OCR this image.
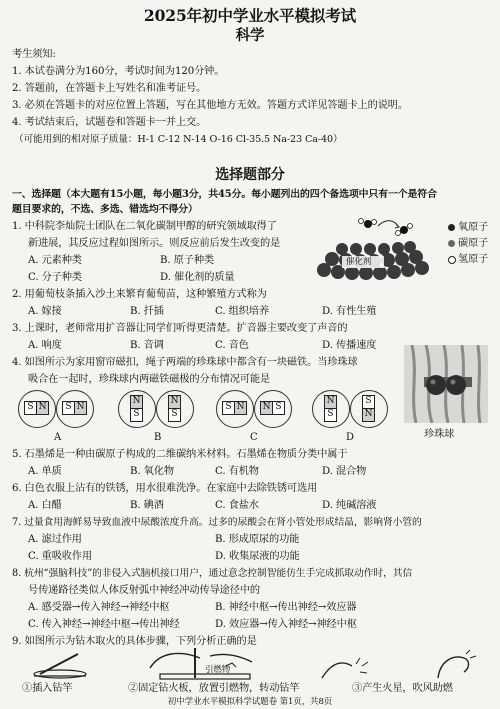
2025年初中学业水平模拟考试
科学
考生须知:
1. 本试卷满分为160分，考试时间为120分钟。
2. 答题前，在答题卡上写姓名和准考证号。
3. 必须在答题卡的对应位置上答题，写在其他地方无效。答题方式详见答题卡上的说明。
4. 考试结束后，试题卷和答题卡一并上交。
（可能用到的相对原子质量：H-1 C-12 N-14 O-16 Cl-35.5 Na-23 Ca-40）
选择题部分
一、选择题（本大题有15小题，每小题3分，共45分。每小题列出的四个备选项中只有一个是符合
题目要求的，不选、多选、错选均不得分）
1. 中科院李灿院士团队在二氧化碳制甲醇的研究领域取得了
新进展，其反应过程如图所示。则反应前后发生改变的是
A. 元素种类	B. 原子种类
C. 分子种类	D. 催化剂的质量
催化剂
氧原子
碳原子
氢原子
2. 用葡萄枝条插入沙土来繁育葡萄苗，这种繁殖方式称为
A. 嫁接	B. 扦插	C. 组织培养	D. 有性生殖
3. 上课时，老师常用扩音器让同学们听得更清楚。扩音器主要改变了声音的
A. 响度	B. 音调	C. 音色	D. 传播速度
4. 如图所示为家用窗帘磁扣，绳子两端的珍珠球中都含有一块磁铁。当珍珠球
吸合在一起时，珍珠球内两磁铁磁极的分布情况可能是
S N	S N
A
N
S
N
S
B
S N N S
C
N
S
S
N
D	珍珠球
5. 石墨烯是一种由碳原子构成的二维碳纳米材料。石墨烯在物质分类中属于
A. 单质	B. 氧化物	C. 有机物	D. 混合物
6. 白色衣服上沾有的铁锈，用水很难洗净。在家庭中去除铁锈可选用
A. 白醋	B. 碘酒	C. 食盐水	D. 纯碱溶液
7. 过量食用海鲜易导致血液中尿酸浓度升高。过多的尿酸会在肾小管处形成结晶，影响肾小管的
A. 滤过作用	B. 形成原尿的功能
C. 重吸收作用	D. 收集尿液的功能
8. 杭州“强脑科技”的非侵入式脑机接口用户，通过意念控制智能仿生手完成抓取动作时，其信
号传递路径类似人体反射弧中神经冲动传导途径中的
A. 感受器→传入神经→神经中枢	B. 神经中枢→传出神经→效应器
C. 传入神经→神经中枢→传出神经	D. 效应器→传入神经→神经中枢
9. 如图所示为钻木取火的具体步骤，下列分析正确的是
引燃物
①插入钻竿	②固定钻火板，放置引燃物，转动钻竿	③产生火星，吹风助燃
初中学业水平模拟科学试题卷 第1页，共8页
